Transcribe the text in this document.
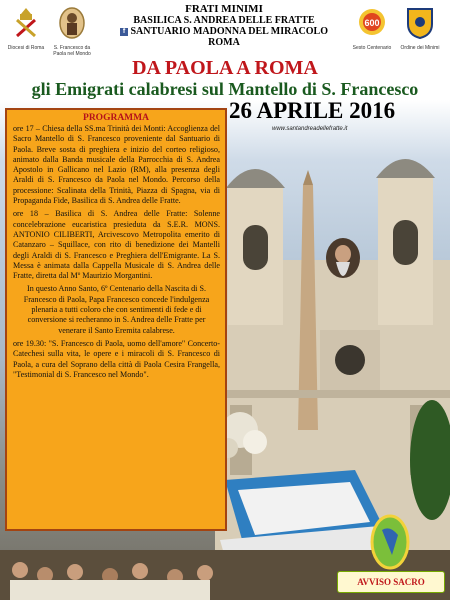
Diocesi di Roma	S. Francesco da Paola nel Mondo
FRATI MINIMI
BASILICA S. ANDREA DELLE FRATTE
f SANTUARIO MADONNA DEL MIRACOLO
ROMA
600
Sesto Centenario	Ordine dei Minimi
DA PAOLA A ROMA
gli Emigrati calabresi sul Mantello di S. Francesco
26 APRILE 2016
www.santandreadellefratte.it
PROGRAMMA
ore 17 – Chiesa della SS.ma Trinità dei Monti: Accoglienza del Sacro Mantello di S. Francesco proveniente dal Santuario di Paola. Breve sosta di preghiera e inizio del corteo religioso, animato dalla Banda musicale della Parrocchia di S. Andrea Apostolo in Gallicano nel Lazio (RM), alla presenza degli Araldi di S. Francesco da Paola nel Mondo. Percorso della processione: Scalinata della Trinità, Piazza di Spagna, via di Propaganda Fide, Basilica di S. Andrea delle Fratte.
ore 18 – Basilica di S. Andrea delle Fratte: Solenne concelebrazione eucaristica presieduta da S.E.R. MONS. ANTONIO CILIBERTI, Arcivescovo Metropolita emerito di Catanzaro – Squillace, con rito di benedizione dei Mantelli degli Araldi di S. Francesco e Preghiera dell'Emigrante. La S. Messa è animata dalla Cappella Musicale di S. Andrea delle Fratte, diretta dal Mº Maurizio Morgantini.
In questo Anno Santo, 6º Centenario della Nascita di S. Francesco di Paola, Papa Francesco concede l'indulgenza plenaria a tutti coloro che con sentimenti di fede e di conversione si recheranno in S. Andrea delle Fratte per venerare il Santo Eremita calabrese.
ore 19.30: "S. Francesco di Paola, uomo dell'amore" Concerto-Catechesi sulla vita, le opere e i miracoli di S. Francesco di Paola, a cura del Soprano della città di Paola Cesira Frangella, "Testimonial di S. Francesco nel Mondo".
AVVISO SACRO
